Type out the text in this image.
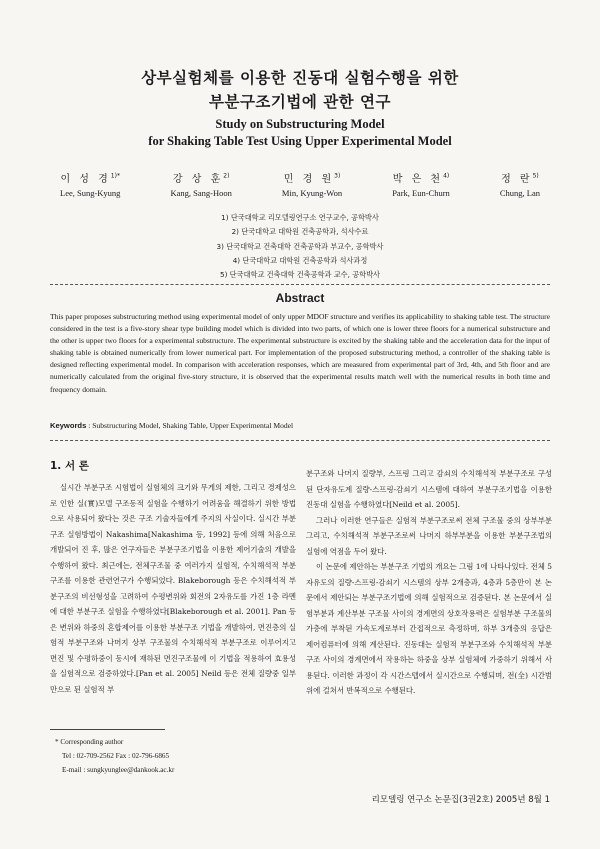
상부실험체를 이용한 진동대 실험수행을 위한
부분구조기법에 관한 연구
Study on Substructuring Model
for Shaking Table Test Using Upper Experimental Model
이 성 경$^{1)*}$
Lee, Sung-Kyung
강 상 훈$^{2)}$
Kang, Sang-Hoon
민 경 원$^{3)}$
Min, Kyung-Won
박 은 천$^{4)}$
Park, Eun-Churn
정 란$^{5)}$
Chung, Lan
1) 단국대학교 리모델링연구소 연구교수, 공학박사
2) 단국대학교 대학원 건축공학과, 석사수료
3) 단국대학교 건축대학 건축공학과 부교수, 공학박사
4) 단국대학교 대학원 건축공학과 석사과정
5) 단국대학교 건축대학 건축공학과 교수, 공학박사
Abstract
This paper proposes substructuring method using experimental model of only upper MDOF structure and verifies its applicability to shaking table test. The structure considered in the test is a five-story shear type building model which is divided into two parts, of which one is lower three floors for a numerical substructure and the other is upper two floors for a experimental substructure. The experimental substructure is excited by the shaking table and the acceleration data for the input of shaking table is obtained numerically from lower numerical part. For implementation of the proposed substructuring method, a controller of the shaking table is designed reflecting experimental model. In comparison with acceleration responses, which are measured from experimental part of 3rd, 4th, and 5th floor and are numerically calculated from the original five-story structure, it is observed that the experimental results match well with the numerical results in both time and frequency domain.
Keywords : Substructuring Model, Shaking Table, Upper Experimental Model
1. 서 론

실시간 부분구조 시험법이 실험체의 크기와 무게의 제한, 그리고 경제성으로 인한 실(實)모델 구조동적 실험을 수행하기 어려움을 해결하기 위한 방법으로 사용되어 왔다는 것은 구조 기술자들에게 주지의 사실이다. 실시간 부분구조 실험방법이 Nakashima[Nakashima 등, 1992] 등에 의해 처음으로 개발되어 진 후, 많은 연구자들은 부분구조기법을 이용한 제어기술의 개발을 수행하여 왔다. 최근에는, 전체구조물 중 여러가지 실험적, 수치해석적 부분구조를 이용한 관련연구가 수행되었다. Blakeborough 등은 수치해석적 부분구조의 비선형성을 고려하여 수평변위와 회전의 2자유도를 가진 1층 라멘에 대한 부분구조 실험을 수행하였다[Blakeborough et al. 2001]. Pan 등은 변위와 하중의 혼합제어를 이용한 부분구조 기법을 개발하여, 면진층의 실험적 부분구조와 나머지 상부 구조물의 수치해석적 부분구조로 이루어지고 면진 및 수평하중이 동시에 재하된 면진구조물에 이 기법을 적용하여 효용성을 실험적으로 검증하였다.[Pan et al. 2005] Neild 등은 전체 질량중 일부만으로 된 실험적 부

분구조와 나머지 질량부, 스프링 그리고 감쇠의 수치해석적 부분구조로 구성된 단자유도계 질량-스프링-감쇠기 시스템에 대하여 부분구조기법을 이용한 진동대 실험을 수행하였다[Neild et al. 2005].

그러나 이러한 연구들은 실험적 부분구조로써 전체 구조물 중의 상부부분 그리고, 수치해석적 부분구조로써 나머지 하부부분을 이용한 부분구조법의 실험에 역점을 두어 왔다.

이 논문에 제안하는 부분구조 기법의 개요는 그림 1에 나타나있다. 전체 5자유도의 질량-스프링-감쇠기 시스템의 상부 2개층과, 4층과 5층만이 본 논문에서 제안되는 부분구조기법에 의해 실험적으로 검증된다. 본 논문에서 실험부분과 계산부분 구조물 사이의 경계면의 상호작용력은 실험부분 구조물의 가층에 부착된 가속도계로부터 간접적으로 측정하며, 하부 3개층의 응답은 제어컴퓨터에 의해 계산된다. 진동대는 실험적 부분구조와 수치해석적 부분구조 사이의 경계면에서 작용하는 하중을 상부 실험체에 가중하기 위해서 사용된다. 이러한 과정이 각 시간스텝에서 실시간으로 수행되며, 전(全) 시간범위에 걸쳐서 반복적으로 수행된다.

* Corresponding author
Tel : 02-709-2562 Fax : 02-796-6865
E-mail : sungkyunglee@dankook.ac.kr
리모델링 연구소 논문집(3권2호) 2005년 8월 1
